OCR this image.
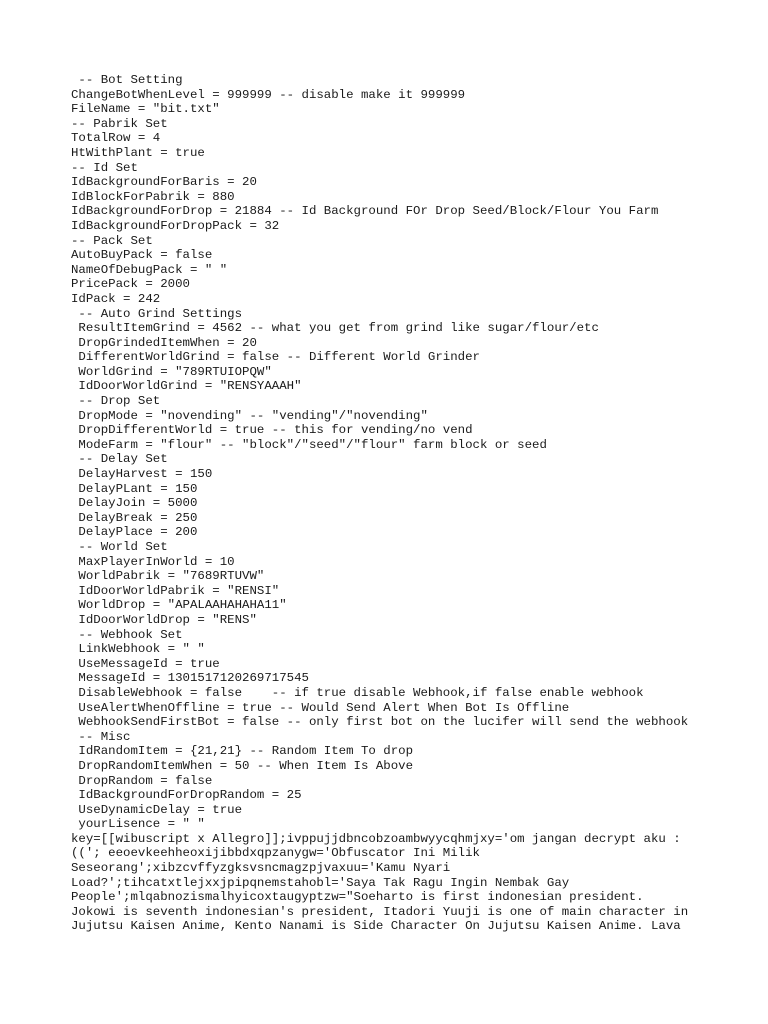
-- Bot Setting
ChangeBotWhenLevel = 999999 -- disable make it 999999
FileName = "bit.txt"
-- Pabrik Set
TotalRow = 4
HtWithPlant = true
-- Id Set
IdBackgroundForBaris = 20
IdBlockForPabrik = 880
IdBackgroundForDrop = 21884 -- Id Background FOr Drop Seed/Block/Flour You Farm
IdBackgroundForDropPack = 32
-- Pack Set
AutoBuyPack = false
NameOfDebugPack = " "
PricePack = 2000
IdPack = 242
-- Auto Grind Settings
ResultItemGrind = 4562 -- what you get from grind like sugar/flour/etc
DropGrindedItemWhen = 20
DifferentWorldGrind = false -- Different World Grinder
WorldGrind = "789RTUIOPQW"
IdDoorWorldGrind = "RENSYAAAH"
-- Drop Set
DropMode = "novending" -- "vending"/"novending"
DropDifferentWorld = true -- this for vending/no vend
ModeFarm = "flour" -- "block"/"seed"/"flour" farm block or seed
-- Delay Set
DelayHarvest = 150
DelayPLant = 150
DelayJoin = 5000
DelayBreak = 250
DelayPlace = 200
-- World Set
MaxPlayerInWorld = 10
WorldPabrik = "7689RTUVW"
IdDoorWorldPabrik = "RENSI"
WorldDrop = "APALAAHAHAHA11"
IdDoorWorldDrop = "RENS"
-- Webhook Set
LinkWebhook = " "
UseMessageId = true
MessageId = 1301517120269717545
DisableWebhook = false    -- if true disable Webhook,if false enable webhook
UseAlertWhenOffline = true -- Would Send Alert When Bot Is Offline
WebhookSendFirstBot = false -- only first bot on the lucifer will send the webhook
-- Misc
IdRandomItem = {21,21} -- Random Item To drop
DropRandomItemWhen = 50 -- When Item Is Above
DropRandom = false
IdBackgroundForDropRandom = 25
UseDynamicDelay = true
yourLisence = " "
key=[[wibuscript x Allegro]];ivppujjdbncobzoambwyycqhmjxy='om jangan decrypt aku :
(('; eeoevkeehheoxijibbdxqpzanygw='Obfuscator Ini Milik
Seseorang';xibzcvffyzgksvsncmagzpjvaxuu='Kamu Nyari
Load?';tihcatxtlejxxjpipqnemstahobl='Saya Tak Ragu Ingin Nembak Gay
People';mlqabnozismalhyicoxtaugyptzw="Soeharto is first indonesian president.
Jokowi is seventh indonesian's president, Itadori Yuuji is one of main character in
Jujutsu Kaisen Anime, Kento Nanami is Side Character On Jujutsu Kaisen Anime. Lava
